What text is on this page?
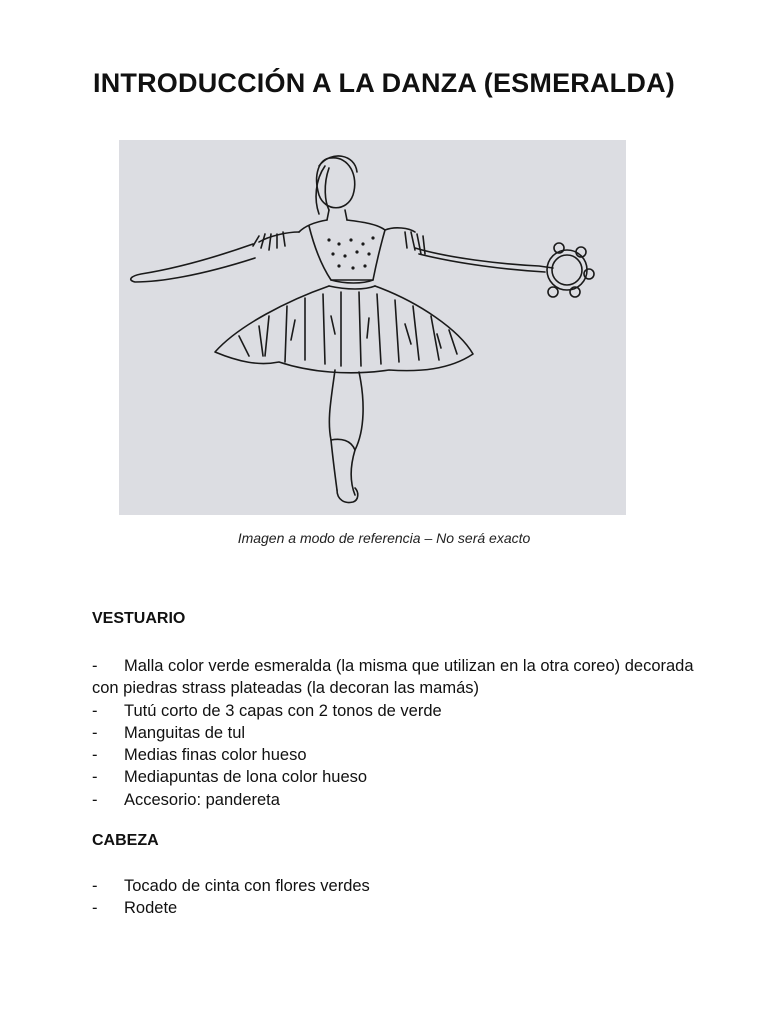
INTRODUCCIÓN A LA DANZA (ESMERALDA)
Imagen a modo de referencia – No será exacto
VESTUARIO
- Malla color verde esmeralda (la misma que utilizan en la otra coreo) decorada con piedras strass plateadas (la decoran las mamás)
- Tutú corto de 3 capas con 2 tonos de verde
- Manguitas de tul
- Medias finas color hueso
- Mediapuntas de lona color hueso
- Accesorio: pandereta
CABEZA
- Tocado de cinta con flores verdes
- Rodete
